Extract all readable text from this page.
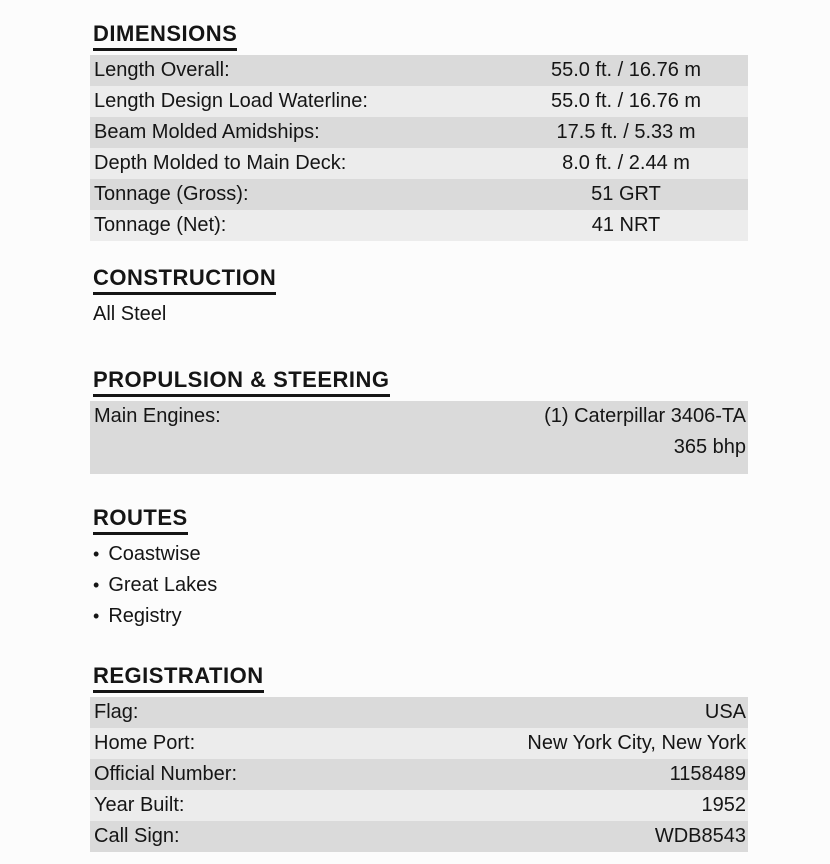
DIMENSIONS
Length Overall:	55.0 ft. / 16.76 m
Length Design Load Waterline:	55.0 ft. / 16.76 m
Beam Molded Amidships:	17.5 ft. / 5.33 m
Depth Molded to Main Deck:	8.0 ft. / 2.44 m
Tonnage (Gross):	51 GRT
Tonnage (Net):	41 NRT
CONSTRUCTION
All Steel
PROPULSION & STEERING
Main Engines:	(1) Caterpillar 3406-TA
365 bhp
ROUTES
• Coastwise
• Great Lakes
• Registry
REGISTRATION
Flag:	USA
Home Port:	New York City, New York
Official Number:	1158489
Year Built:	1952
Call Sign:	WDB8543
